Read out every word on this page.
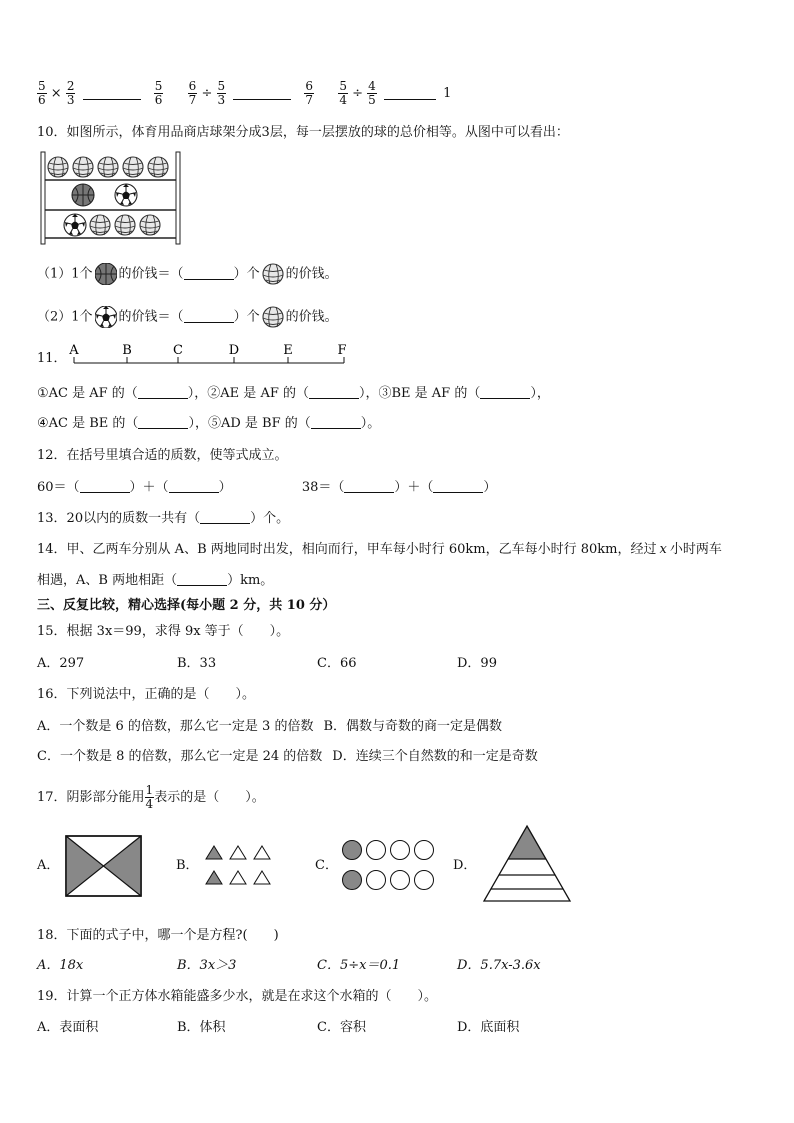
$\frac{5}{6} \times \frac{2}{3}$
	$\frac{5}{6}$
$\frac{6}{7} \div \frac{5}{3}$
	$\frac{6}{7}$
$\frac{5}{4} \div \frac{4}{5}$	1
10．如图所示，体育用品商店球架分成3层，每一层摆放的球的总价相等。从图中可以看出：
（1）1个 的价钱＝（	）个 的价钱。
（2）1个 的价钱＝（	）个 的价钱。
11．
A	B	C	D	E	F
①AC 是 AF 的（	），②AE 是 AF 的（	），③BE 是 AF 的（	），
④AC 是 BE 的（	），⑤AD 是 BF 的（	）。
12．在括号里填合适的质数，使等式成立。
60＝（	）＋（	）	38＝（	）＋（	）
13．20以内的质数一共有（	）个。
14．甲、乙两车分别从 A、B 两地同时出发，相向而行，甲车每小时行 60km，乙车每小时行 80km，经过 x 小时两车
相遇，A、B 两地相距（	）km。
三、反复比较，精心选择(每小题 2 分，共 10 分）
15．根据 3x＝99，求得 9x 等于（　　）。
A．297	B．33	C．66	D．99
16．下列说法中，正确的是（　　）。
A．一个数是 6 的倍数，那么它一定是 3 的倍数 B．偶数与奇数的商一定是偶数
C．一个数是 8 的倍数，那么它一定是 24 的倍数 D．连续三个自然数的和一定是奇数
17．阴影部分能用 $\frac{1}{4}$ 表示的是（　　）。
A．	B．	C．	D．
18．下面的式子中，哪一个是方程?(　　)
A．18x	B．3x＞3	C．5÷x＝0.1	D．5.7x-3.6x
19．计算一个正方体水箱能盛多少水，就是在求这个水箱的（　　）。
A．表面积	B．体积	C．容积	D．底面积
